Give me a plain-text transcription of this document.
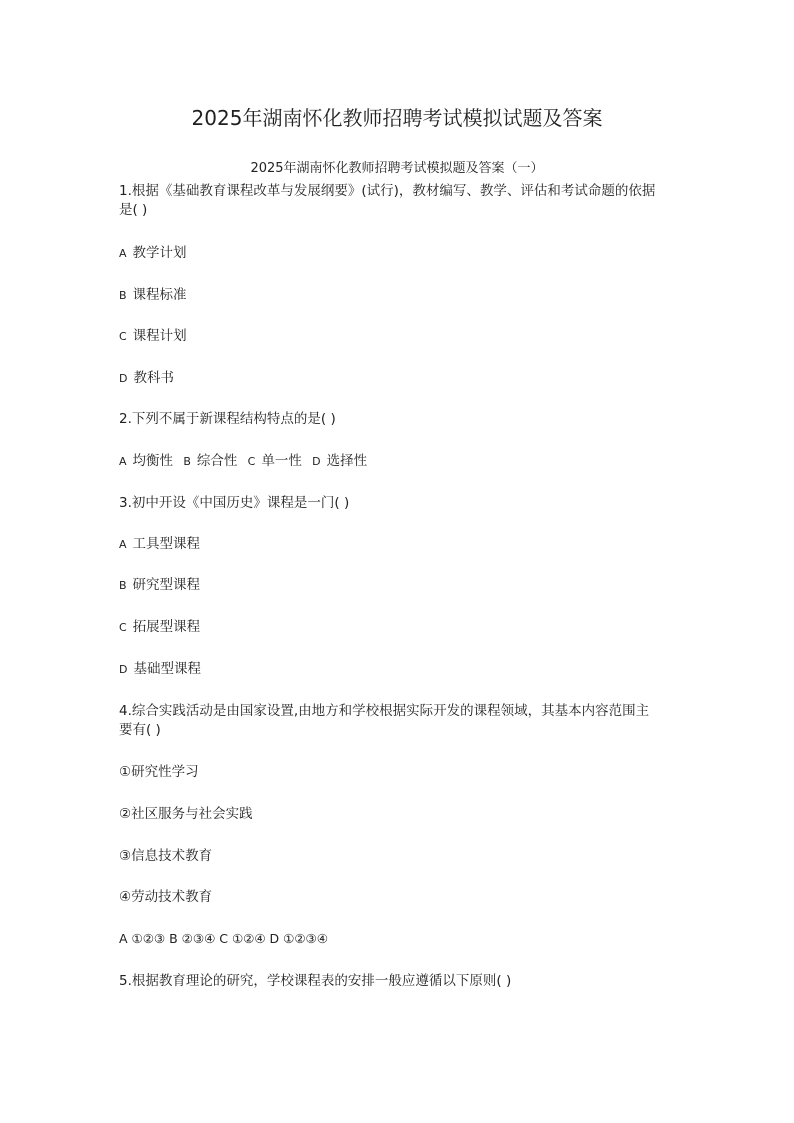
2025年湖南怀化教师招聘考试模拟试题及答案
2025年湖南怀化教师招聘考试模拟题及答案（一）
1.根据《基础教育课程改革与发展纲要》(试行)，教材编写、教学、评估和考试命题的依据
是( )
A 教学计划
B 课程标准
C 课程计划
D 教科书
2.下列不属于新课程结构特点的是( )
A 均衡性 B 综合性 C 单一性 D 选择性
3.初中开设《中国历史》课程是一门( )
A 工具型课程
B 研究型课程
C 拓展型课程
D 基础型课程
4.综合实践活动是由国家设置,由地方和学校根据实际开发的课程领域，其基本内容范围主
要有( )
①研究性学习
②社区服务与社会实践
③信息技术教育
④劳动技术教育
A ①②③ B ②③④ C ①②④ D ①②③④
5.根据教育理论的研究，学校课程表的安排一般应遵循以下原则( )
